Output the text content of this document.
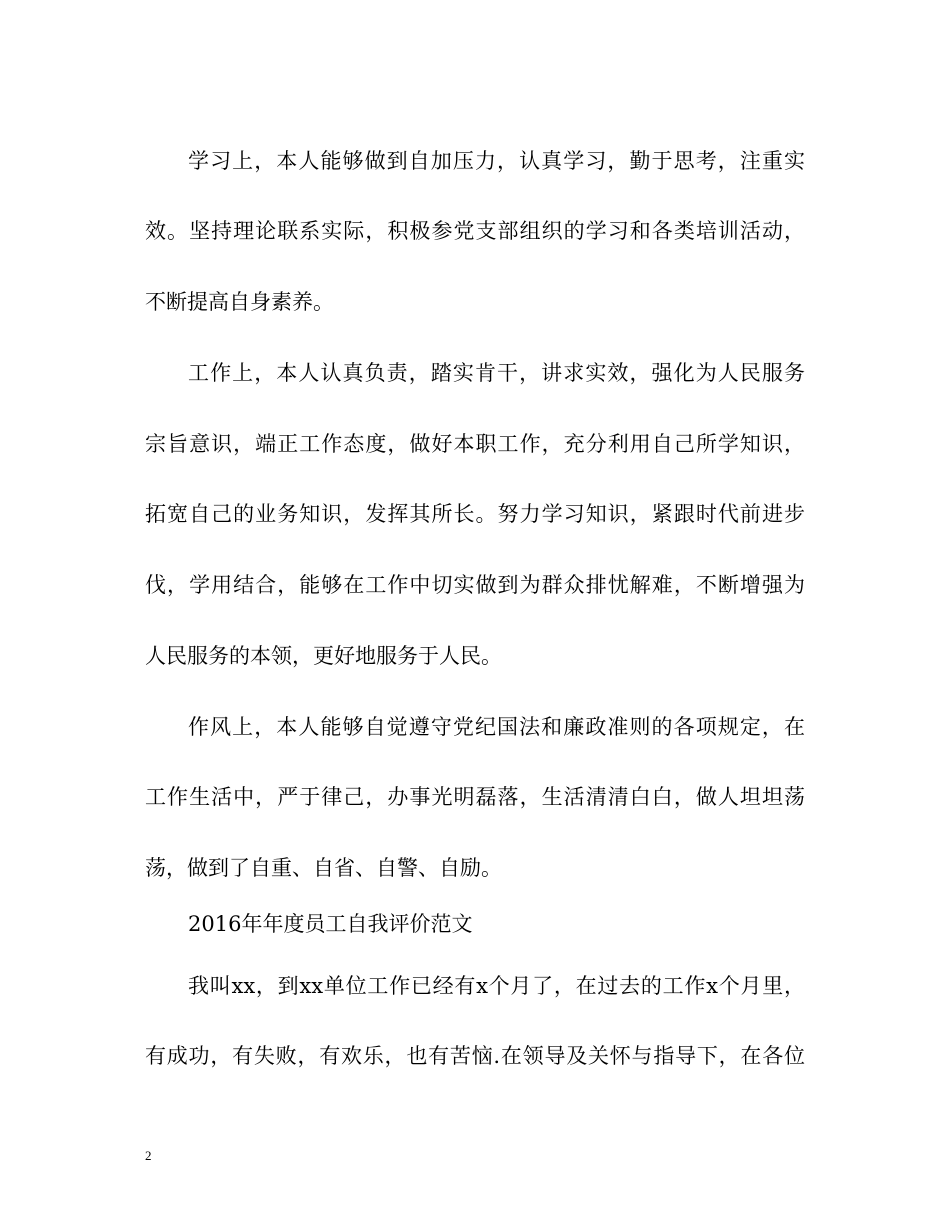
学习上，本人能够做到自加压力，认真学习，勤于思考，注重实
效。坚持理论联系实际，积极参党支部组织的学习和各类培训活动，
不断提高自身素养。
工作上，本人认真负责，踏实肯干，讲求实效，强化为人民服务
宗旨意识，端正工作态度，做好本职工作，充分利用自己所学知识，
拓宽自己的业务知识，发挥其所长。努力学习知识，紧跟时代前进步
伐，学用结合，能够在工作中切实做到为群众排忧解难，不断增强为
人民服务的本领，更好地服务于人民。
作风上，本人能够自觉遵守党纪国法和廉政准则的各项规定，在
工作生活中，严于律己，办事光明磊落，生活清清白白，做人坦坦荡
荡，做到了自重、自省、自警、自励。
2016年年度员工自我评价范文
我叫xx，到xx单位工作已经有x个月了，在过去的工作x个月里，
有成功，有失败，有欢乐，也有苦恼.在领导及关怀与指导下，在各位
2
